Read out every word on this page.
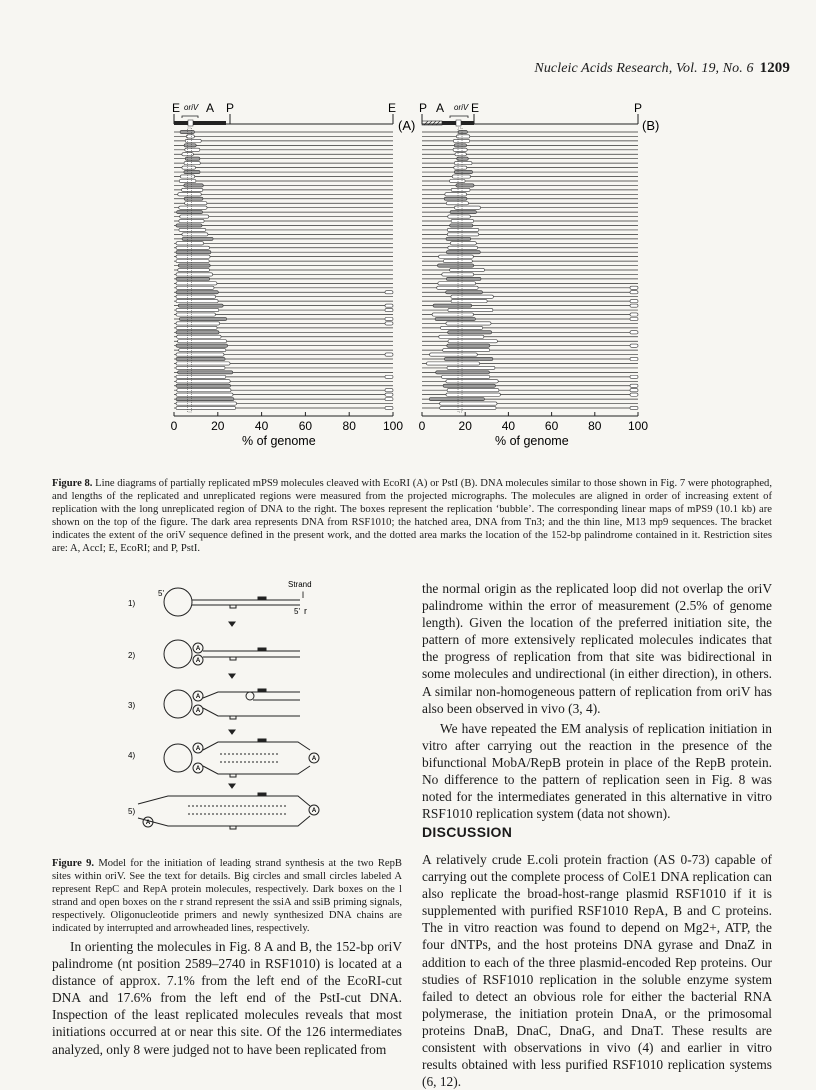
Nucleic Acids Research, Vol. 19, No. 6 1209
E oriV A P	E
(A)
P A oriV E	P
(B)
0	20	40	60	80 100 0	20 40 60 80 100
% of genome	% of genome
Figure 8. Line diagrams of partially replicated mPS9 molecules cleaved with EcoRI (A) or PstI (B). DNA molecules similar to those shown in Fig. 7 were photographed, and lengths of the replicated and unreplicated regions were measured from the projected micrographs. The molecules are aligned in order of increasing extent of replication with the long unreplicated region of DNA to the right. The boxes represent the replication ‘bubble’. The corresponding linear maps of mPS9 (10.1 kb) are shown on the top of the figure. The dark area represents DNA from RSF1010; the hatched area, DNA from Tn3; and the thin line, M13 mp9 sequences. The bracket indicates the extent of the oriV sequence defined in the present work, and the dotted area marks the location of the 152-bp palindrome contained in it. Restriction sites are: A, AccI; E, EcoRI; and P, PstI.
Strand
l
5'
5' r
1)
2)
3)
4)
5)
A
A
A
A
A
A
A
A
A
Figure 9. Model for the initiation of leading strand synthesis at the two RepB sites within oriV. See the text for details. Big circles and small circles labeled A represent RepC and RepA protein molecules, respectively. Dark boxes on the l strand and open boxes on the r strand represent the ssiA and ssiB priming signals, respectively. Oligonucleotide primers and newly synthesized DNA chains are indicated by interrupted and arrowheaded lines, respectively.
In orienting the molecules in Fig. 8 A and B, the 152-bp oriV palindrome (nt position 2589–2740 in RSF1010) is located at a distance of approx. 7.1% from the left end of the EcoRI-cut DNA and 17.6% from the left end of the PstI-cut DNA. Inspection of the least replicated molecules reveals that most initiations occurred at or near this site. Of the 126 intermediates analyzed, only 8 were judged not to have been replicated from
the normal origin as the replicated loop did not overlap the oriV palindrome within the error of measurement (2.5% of genome length). Given the location of the preferred initiation site, the pattern of more extensively replicated molecules indicates that the progress of replication from that site was bidirectional in some molecules and undirectional (in either direction), in others. A similar non-homogeneous pattern of replication from oriV has also been observed in vivo (3, 4).
We have repeated the EM analysis of replication initiation in vitro after carrying out the reaction in the presence of the bifunctional MobA/RepB protein in place of the RepB protein. No difference to the pattern of replication seen in Fig. 8 was noted for the intermediates generated in this alternative in vitro RSF1010 replication system (data not shown).
DISCUSSION
A relatively crude E.coli protein fraction (AS 0-73) capable of carrying out the complete process of ColE1 DNA replication can also replicate the broad-host-range plasmid RSF1010 if it is supplemented with purified RSF1010 RepA, B and C proteins. The in vitro reaction was found to depend on Mg2+, ATP, the four dNTPs, and the host proteins DNA gyrase and DnaZ in addition to each of the three plasmid-encoded Rep proteins. Our studies of RSF1010 replication in the soluble enzyme system failed to detect an obvious role for either the bacterial RNA polymerase, the initiation protein DnaA, or the primosomal proteins DnaB, DnaC, DnaG, and DnaT. These results are consistent with observations in vivo (4) and earlier in vitro results obtained with less purified RSF1010 replication systems (6, 12).
